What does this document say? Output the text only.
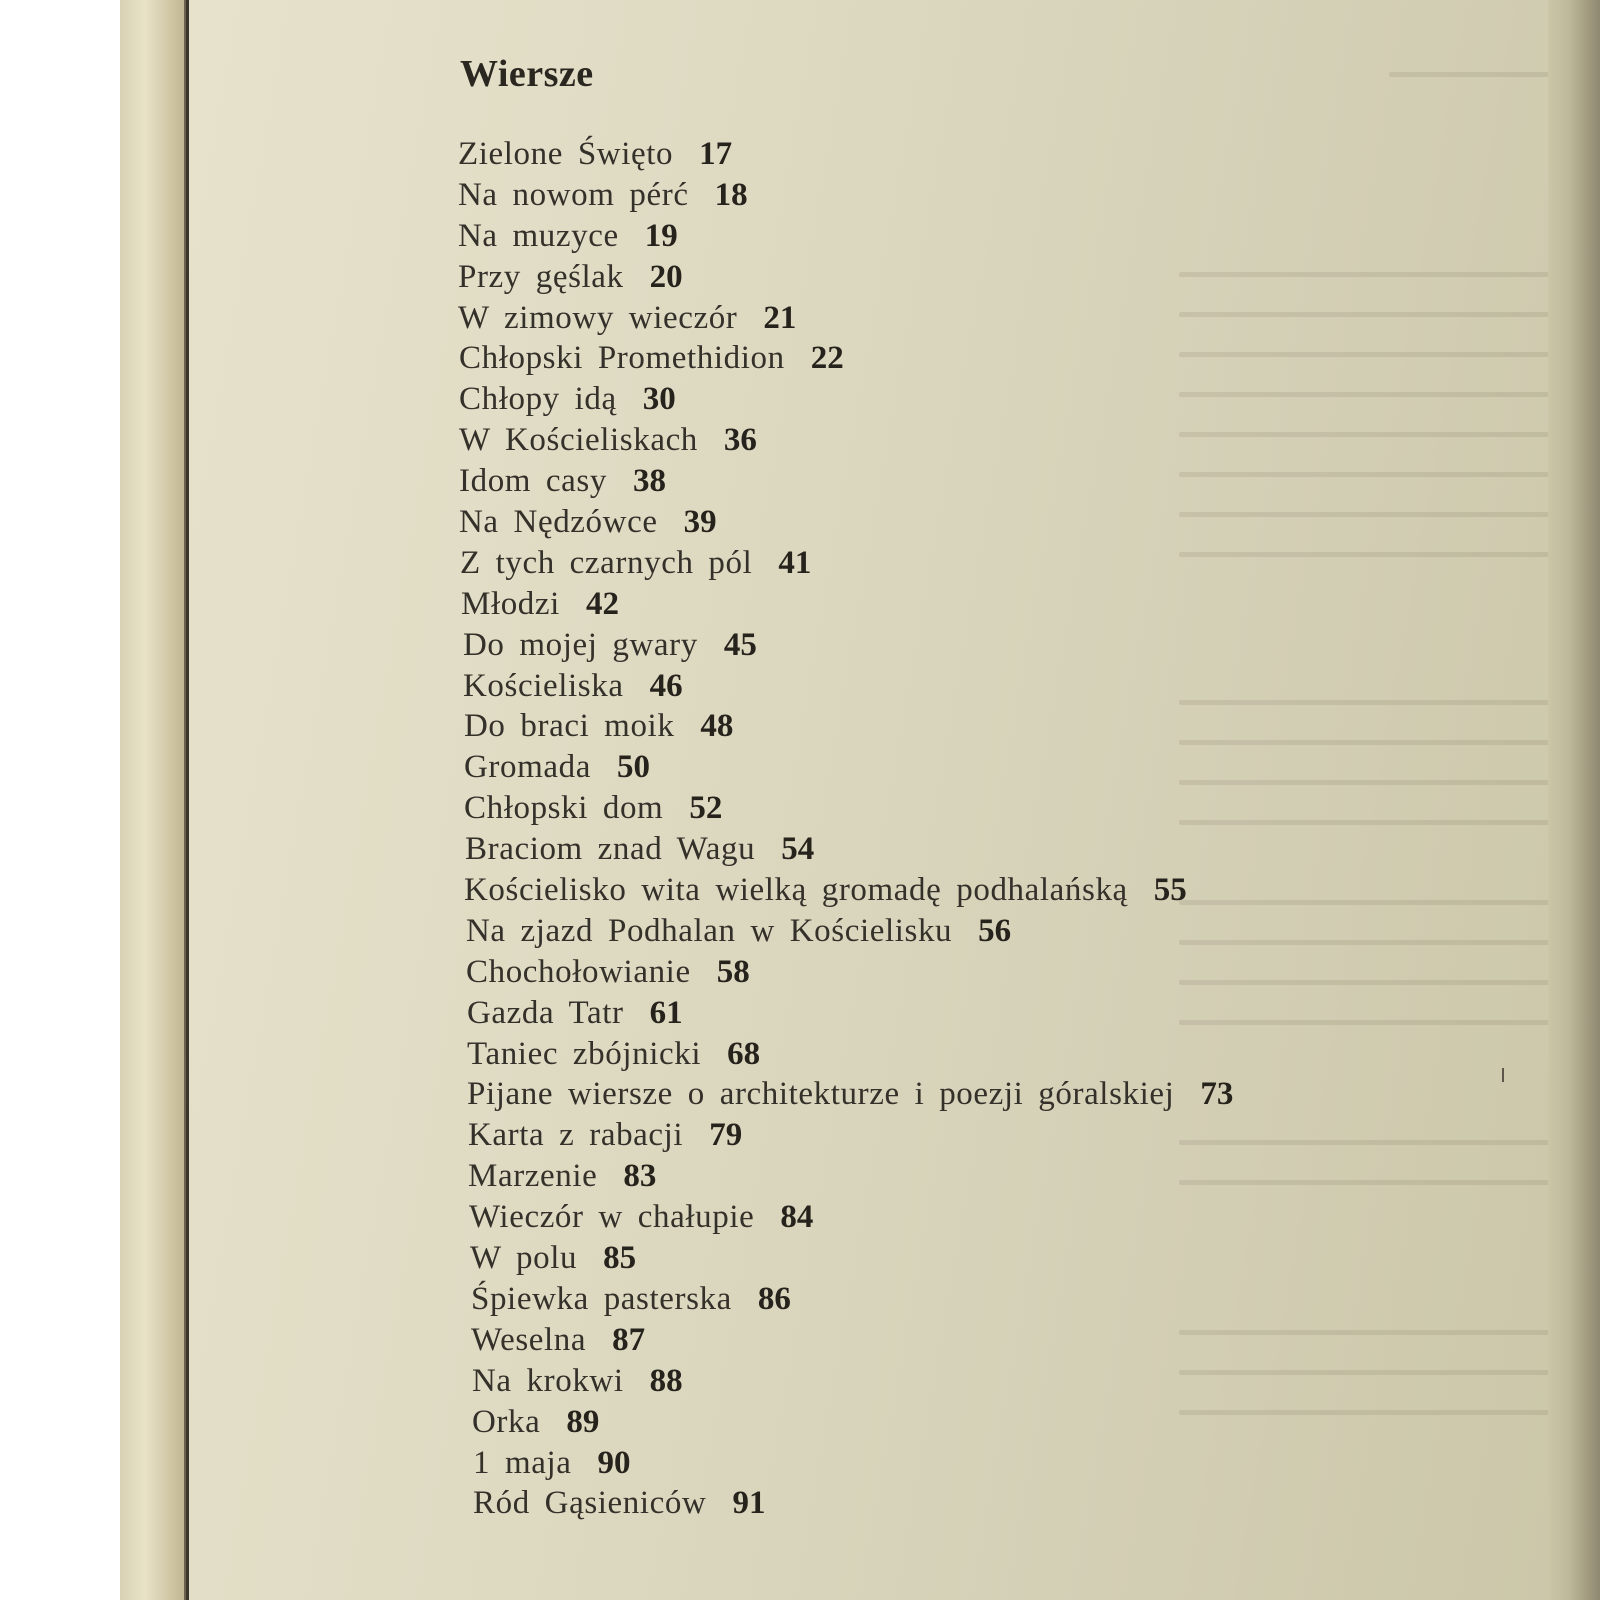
Wiersze
Zielone Święto 17
Na nowom pérć 18
Na muzyce 19
Przy gęślak 20
W zimowy wieczór 21
Chłopski Promethidion 22
Chłopy idą 30
W Kościeliskach 36
Idom casy 38
Na Nędzówce 39
Z tych czarnych pól 41
Młodzi 42
Do mojej gwary 45
Kościeliska 46
Do braci moik 48
Gromada 50
Chłopski dom 52
Braciom znad Wagu 54
Kościelisko wita wielką gromadę podhalańską 55
Na zjazd Podhalan w Kościelisku 56
Chochołowianie 58
Gazda Tatr 61
Taniec zbójnicki 68
Pijane wiersze o architekturze i poezji góralskiej 73
Karta z rabacji 79
Marzenie 83
Wieczór w chałupie 84
W polu 85
Śpiewka pasterska 86
Weselna 87
Na krokwi 88
Orka 89
1 maja 90
Ród Gąsieniców 91
